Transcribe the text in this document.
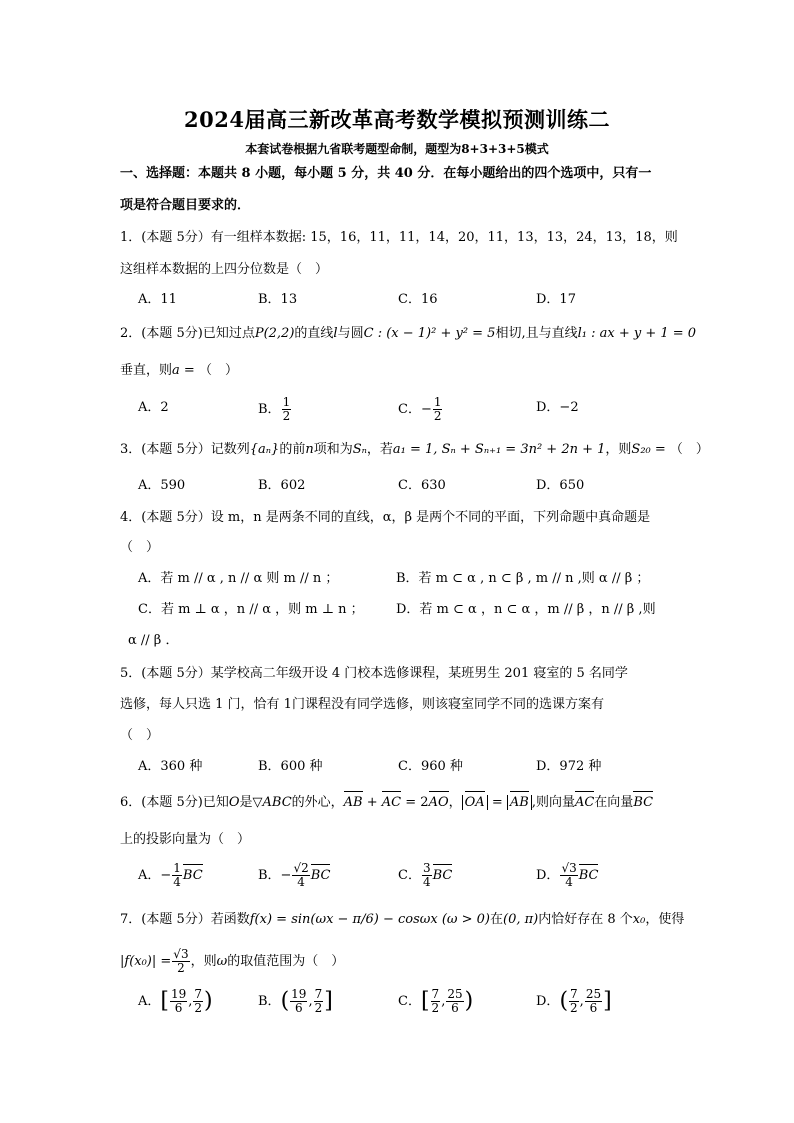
2024届高三新改革高考数学模拟预测训练二
本套试卷根据九省联考题型命制，题型为8+3+3+5模式
一、选择题：本题共 8 小题，每小题 5 分，共 40 分．在每小题给出的四个选项中，只有一
项是符合题目要求的．
1．(本题 5分）有一组样本数据: 15，16，11，11，14，20，11，13，13，24，13，18，则
这组样本数据的上四分位数是（　）
A．11	B．13	C．16	D．17
2．(本题 5分)已知过点P(2,2)的直线l与圆C : (x − 1)² + y² = 5相切,且与直线l₁ : ax + y + 1 = 0
垂直，则a = （　）
A．2	B． $\frac{1}{2}$	C．− $\frac{1}{2}$	D．−2
3．(本题 5分）记数列{aₙ}的前n项和为Sₙ，若a₁ = 1, Sₙ + Sₙ₊₁ = 3n² + 2n + 1，则S₂₀ = （　）
A．590	B．602	C．630	D．650
4．(本题 5分）设 m，n 是两条不同的直线，α，β 是两个不同的平面，下列命题中真命题是
（　）
A．若 m // α , n // α 则 m // n ；	B．若 m ⊂ α , n ⊂ β , m // n ,则 α // β ；
C．若 m ⊥ α ，n // α ，则 m ⊥ n ； D．若 m ⊂ α ，n ⊂ α ，m // β ，n // β ,则
α // β ．
5．(本题 5分）某学校高二年级开设 4 门校本选修课程，某班男生 201 寝室的 5 名同学
选修，每人只选 1 门，恰有 1门课程没有同学选修，则该寝室同学不同的选课方案有
（　）
A．360 种	B．600 种	C．960 种	D．972 种
6．(本题 5分)已知O是▽ABC的外心，AB + AC = 2AO， OA = AB ,则向量AC在向量BC
上的投影向量为（　）
A．− $\frac{1}{4}$ BC	B．− $\frac{√2}{4}$ BC	C． $\frac{3}{4}$ BC	D． $\frac{√3}{4}$ BC
7．(本题 5分）若函数f(x) = sin(ωx − π/6) − cosωx (ω > 0)在(0, π)内恰好存在 8 个x₀，使得
$|f(x_0)| = \frac{√3}{2}$ ，则ω的取值范围为（　）
A．[ $\frac{19}{6}$ , $\frac{7}{2}$ )	B．( $\frac{19}{6}$ , $\frac{7}{2}$ ]	C．[ $\frac{7}{2}$ , $\frac{25}{6}$ )	D．( $\frac{7}{2}$ , $\frac{25}{6}$ ]
